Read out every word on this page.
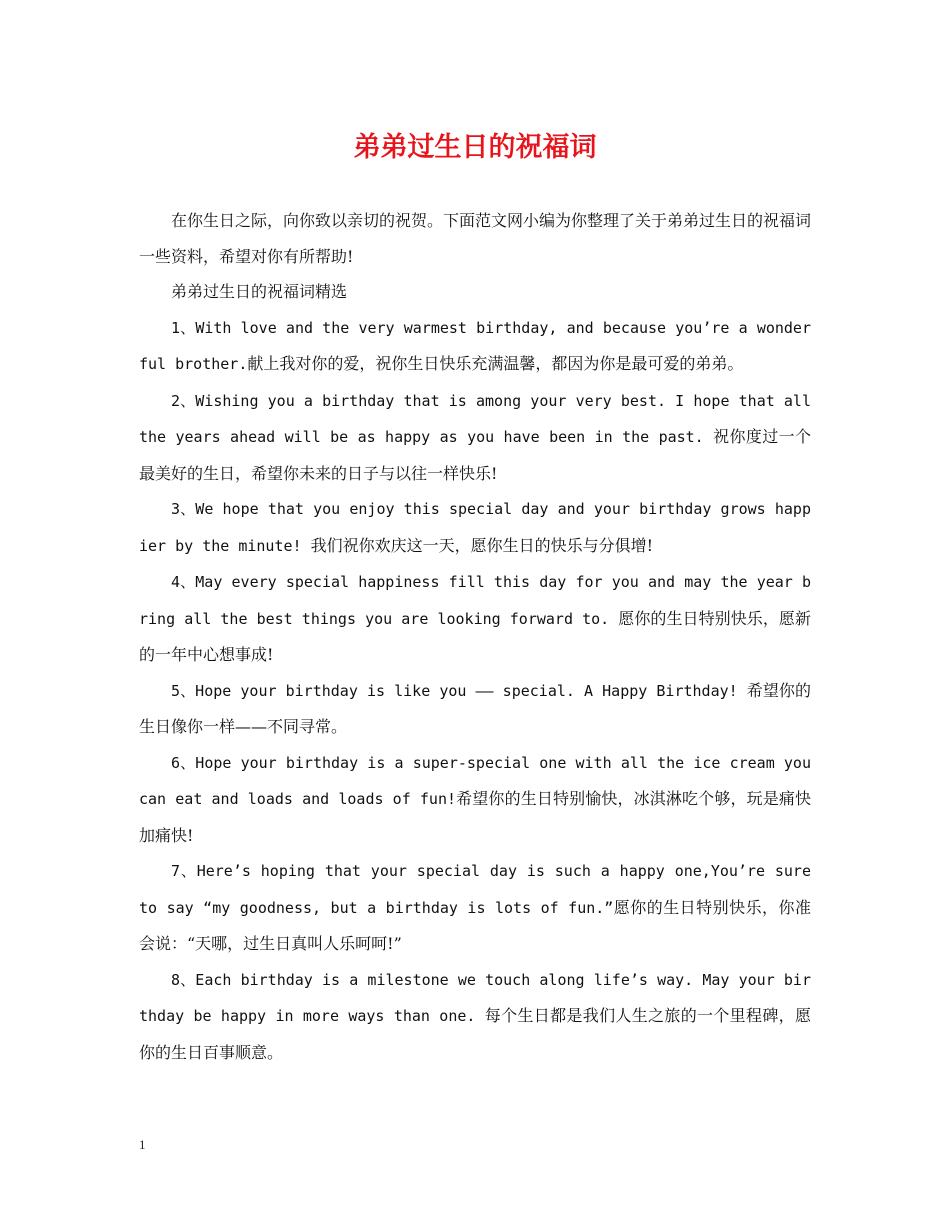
弟弟过生日的祝福词

在你生日之际，向你致以亲切的祝贺。下面范文网小编为你整理了关于弟弟过生日的祝福词一些资料，希望对你有所帮助!

弟弟过生日的祝福词精选

1、With love and the very warmest birthday, and because you’re a wonderful brother.献上我对你的爱，祝你生日快乐充满温馨，都因为你是最可爱的弟弟。

2、Wishing you a birthday that is among your very best. I hope that all the years ahead will be as happy as you have been in the past. 祝你度过一个最美好的生日，希望你未来的日子与以往一样快乐!

3、We hope that you enjoy this special day and your birthday grows happier by the minute! 我们祝你欢庆这一天，愿你生日的快乐与分俱增!

4、May every special happiness fill this day for you and may the year bring all the best things you are looking forward to. 愿你的生日特别快乐，愿新的一年中心想事成!

5、Hope your birthday is like you —— special. A Happy Birthday! 希望你的生日像你一样——不同寻常。

6、Hope your birthday is a super-special one with all the ice cream you can eat and loads and loads of fun!希望你的生日特别愉快，冰淇淋吃个够，玩是痛快加痛快!

7、Here’s hoping that your special day is such a happy one,You’re sure to say “my goodness, but a birthday is lots of fun.”愿你的生日特别快乐，你准会说：“天哪，过生日真叫人乐呵呵!”

8、Each birthday is a milestone we touch along life’s way. May your birthday be happy in more ways than one. 每个生日都是我们人生之旅的一个里程碑，愿你的生日百事顺意。

1
